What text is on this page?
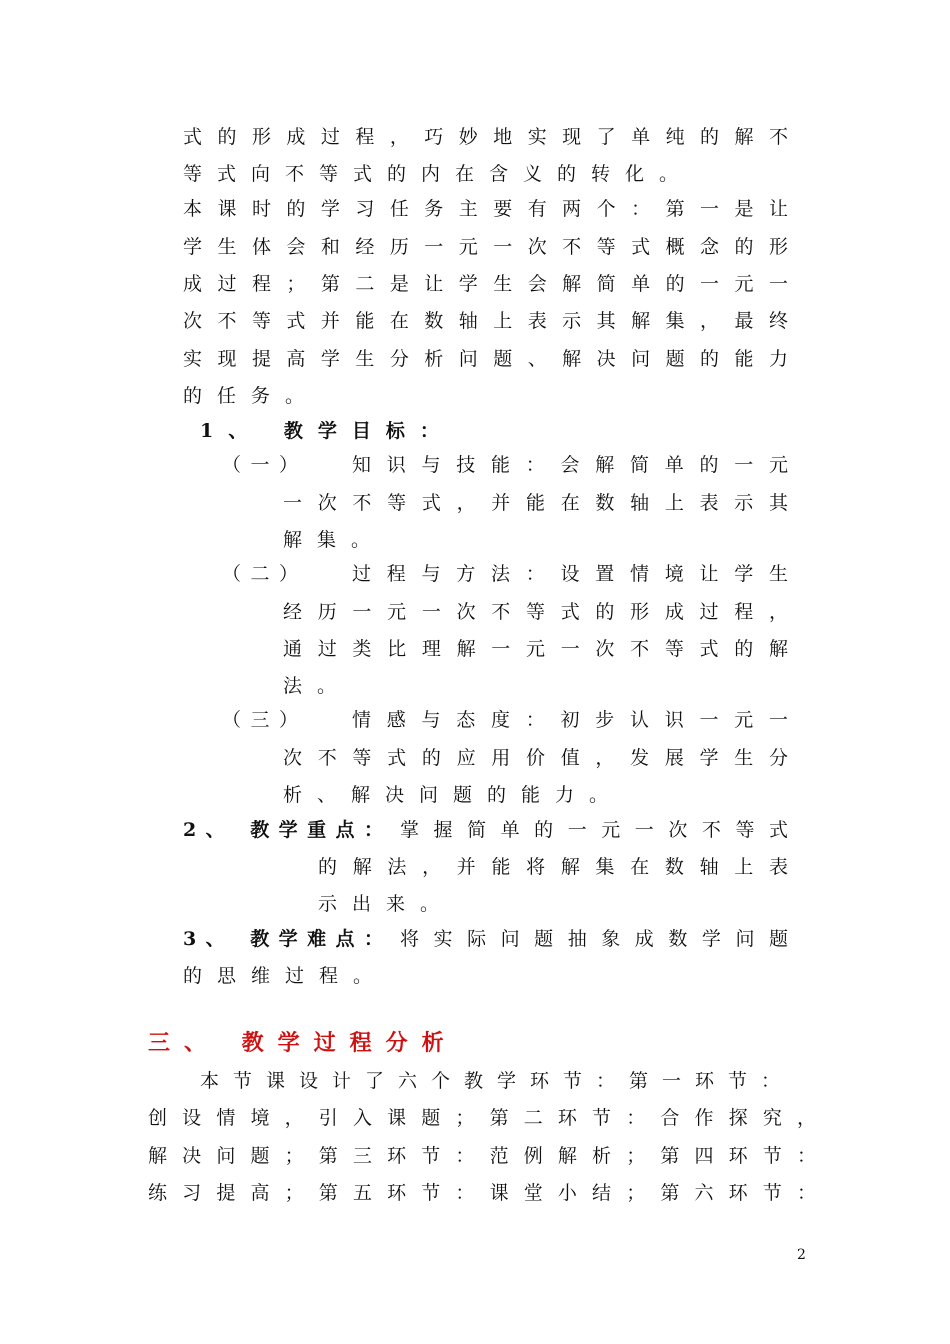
式的形成过程，巧妙地实现了单纯的解不
等式向不等式的内在含义的转化。
本课时的学习任务主要有两个：第一是让
学生体会和经历一元一次不等式概念的形
成过程；第二是让学生会解简单的一元一
次不等式并能在数轴上表示其解集，最终
实现提高学生分析问题、解决问题的能力
的任务。
1、 教学目标：
（一）	知识与技能：会解简单的一元
一次不等式，并能在数轴上表示其
解集。
（二）	过程与方法：设置情境让学生
经历一元一次不等式的形成过程，
通过类比理解一元一次不等式的解
法。
（三）	情感与态度：初步认识一元一
次不等式的应用价值，发展学生分
析、解决问题的能力。
2、 教学重点： 掌握简单的一元一次不等式
的解法，并能将解集在数轴上表
示出来。
3、 教学难点： 将实际问题抽象成数学问题
的思维过程。
三、 教学过程分析
本节课设计了六个教学环节：第一环节：
创设情境，引入课题；第二环节：合作探究，
解决问题；第三环节：范例解析；第四环节：
练习提高；第五环节：课堂小结；第六环节：
2
